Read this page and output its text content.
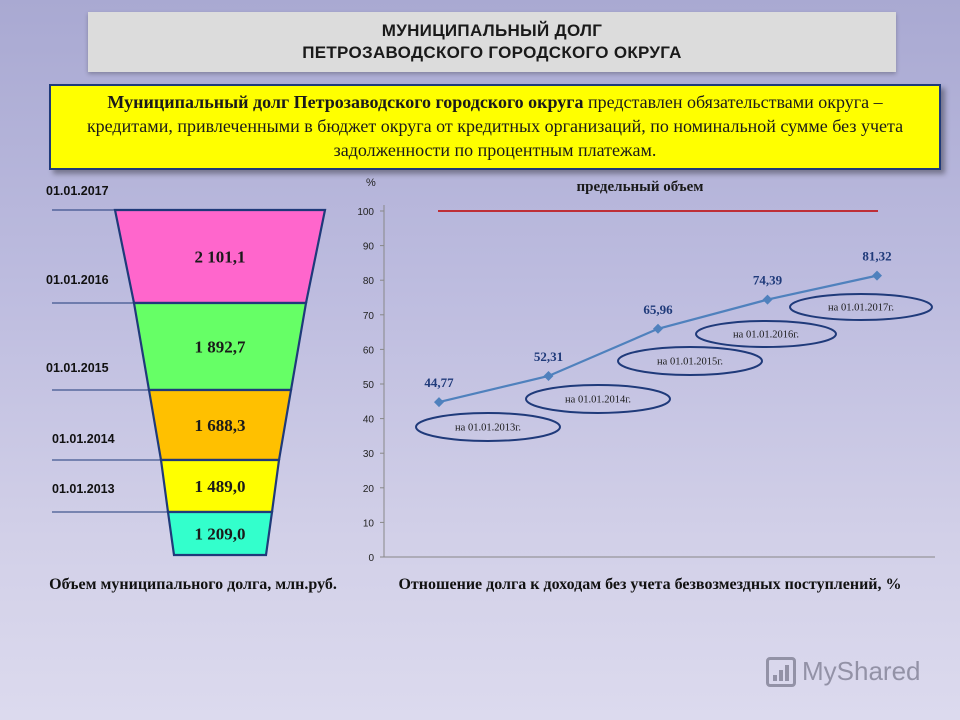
МУНИЦИПАЛЬНЫЙ ДОЛГ
ПЕТРОЗАВОДСКОГО ГОРОДСКОГО ОКРУГА
Муниципальный долг Петрозаводского городского округа представлен обязательствами округа – кредитами, привлеченными в бюджет округа от кредитных организаций, по номинальной сумме без учета задолженности по процентным платежам.
2 101,1
01.01.2017
1 892,7
01.01.2016
1 688,3
01.01.2015
1 489,0
01.01.2014
1 209,0
01.01.2013
0
10
20
30
40
50
60
70
80
90
100
%	предельный объем
44,77
на 01.01.2013г.
52,31
на 01.01.2014г.
65,96
на 01.01.2015г.
74,39
на 01.01.2016г.
81,32
на 01.01.2017г.
Объем муниципального долга, млн.руб.	Отношение долга к доходам без учета безвозмездных поступлений, %
MyShared
